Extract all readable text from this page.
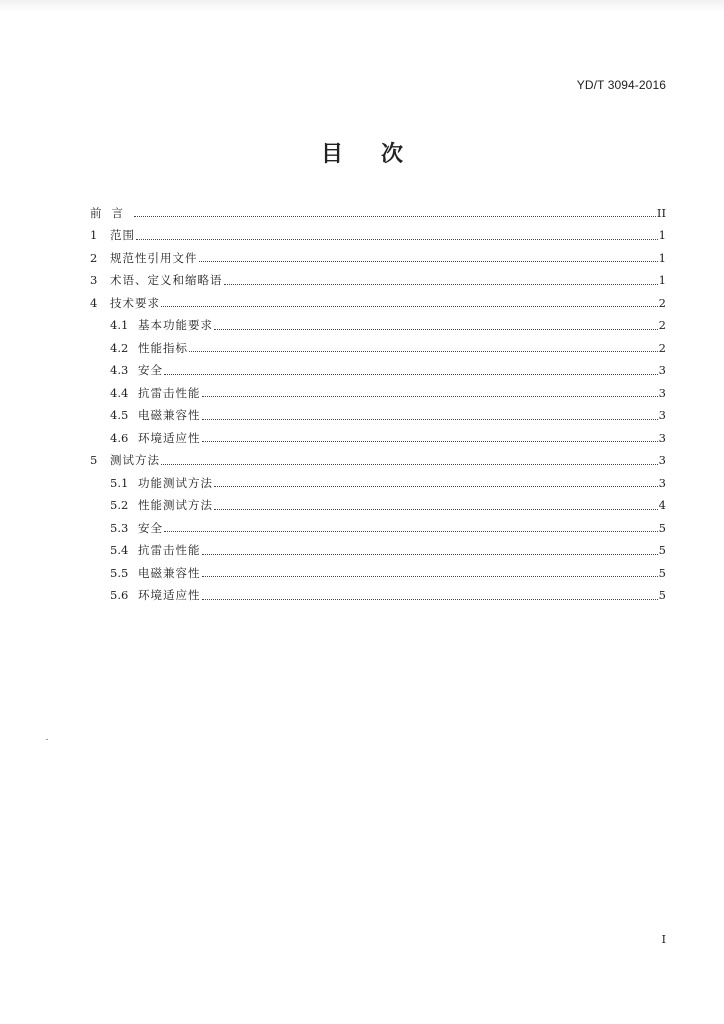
YD/T 3094-2016
目次
前言	II
1	范围	1
2	规范性引用文件	1
3	术语、定义和缩略语	1
4	技术要求	2
4.1 基本功能要求	2
4.2 性能指标	2
4.3 安全	3
4.4 抗雷击性能	3
4.5 电磁兼容性	3
4.6 环境适应性	3
5	测试方法	3
5.1 功能测试方法	3
5.2 性能测试方法	4
5.3 安全	5
5.4 抗雷击性能	5
5.5 电磁兼容性	5
5.6 环境适应性	5
I
